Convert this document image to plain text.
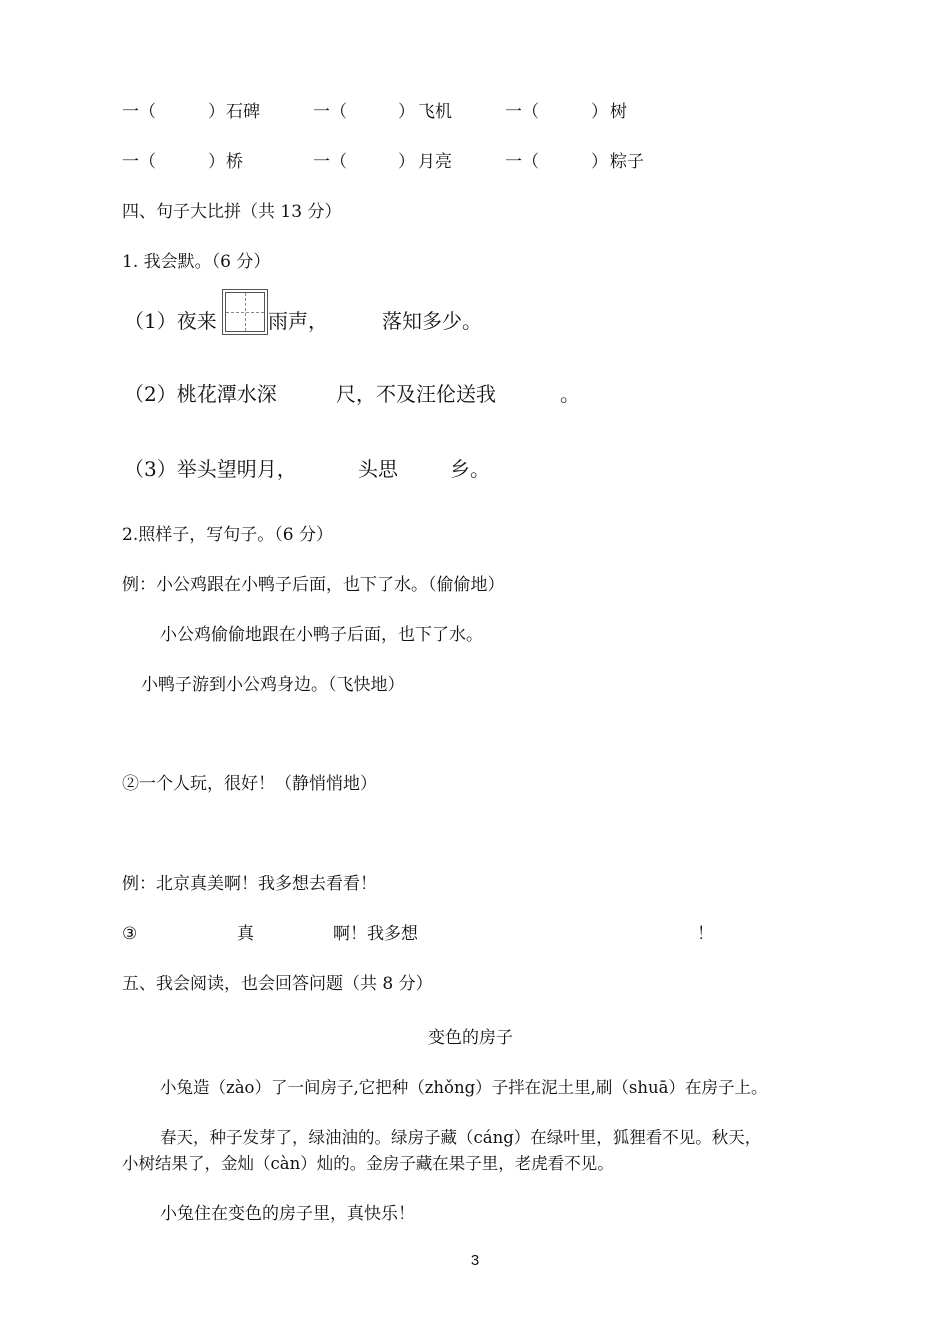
一（	） 石碑	一（	） 飞机	一（	） 树
一（	） 桥	一（	） 月亮	一（	） 粽子
四、句子大比拼（共 13 分）
1. 我会默。（6 分）
（1）夜来	雨声，	落知多少。
（2）桃花潭水深	尺，不及汪伦送我	。
（3）举头望明月，	头思	乡。
2.照样子，写句子。（6 分）
例：小公鸡跟在小鸭子后面，也下了水。（偷偷地）
小公鸡偷偷地跟在小鸭子后面，也下了水。
小鸭子游到小公鸡身边。（飞快地）
②一个人玩，很好！（静悄悄地）
例：北京真美啊！我多想去看看！
③	真	啊！我多想	！
五、我会阅读，也会回答问题（共 8 分）
变色的房子
小兔造（zào）了一间房子,它把种（zhǒng）子拌在泥土里,刷（shuā）在房子上。
春天，种子发芽了，绿油油的。绿房子藏（cáng）在绿叶里，狐狸看不见。秋天，
小树结果了，金灿（càn）灿的。金房子藏在果子里，老虎看不见。
小兔住在变色的房子里，真快乐！
3
